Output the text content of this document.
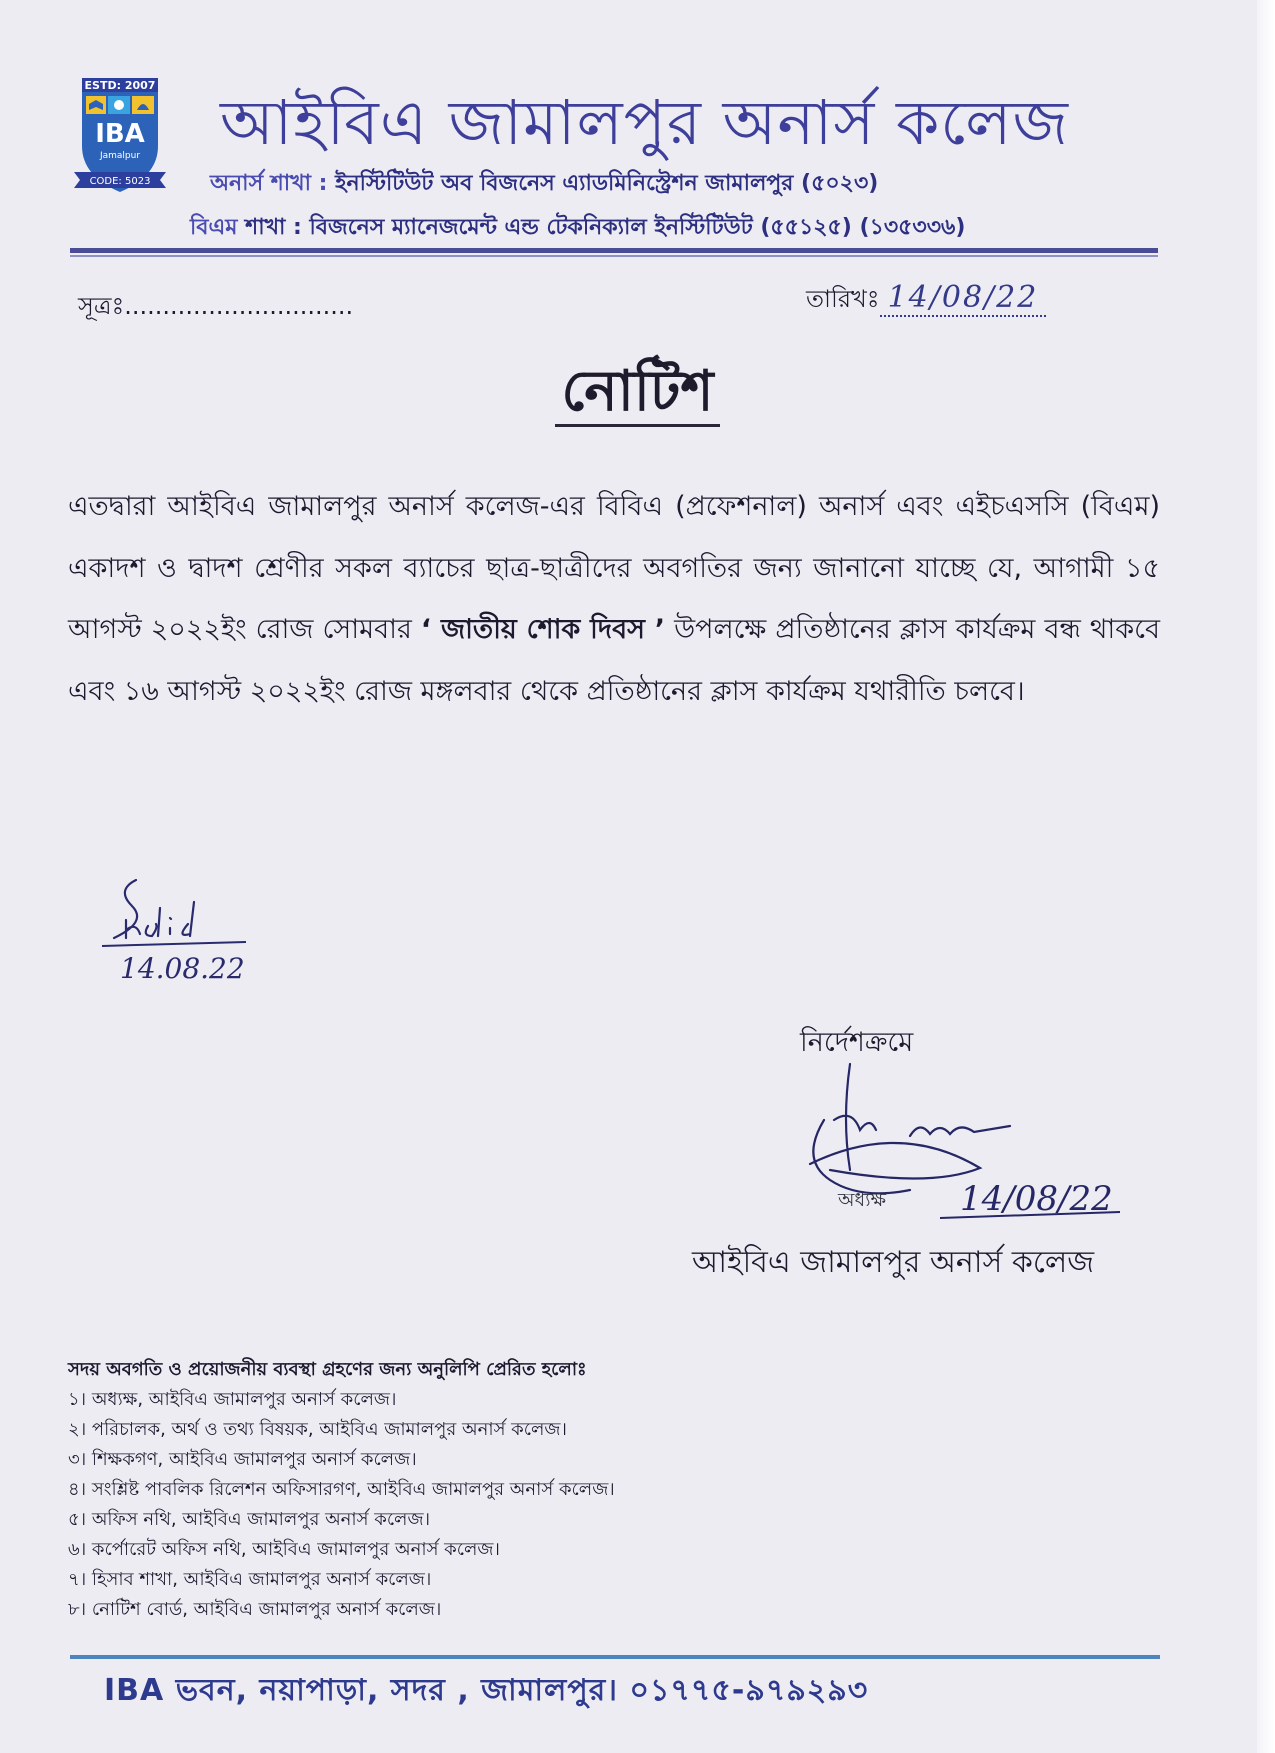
ESTD: 2007
IBA
Jamalpur
CODE: 5023
আইবিএ জামালপুর অনার্স কলেজ
অনার্স শাখা : ইনস্টিটিউট অব বিজনেস এ্যাডমিনিস্ট্রেশন জামালপুর (৫০২৩)
বিএম শাখা : বিজনেস ম্যানেজমেন্ট এন্ড টেকনিক্যাল ইনস্টিটিউট (৫৫১২৫) (১৩৫৩৩৬)
সূত্রঃ..............................	তারিখঃ 14/08/22
নোটিশ
এতদ্বারা আইবিএ জামালপুর অনার্স কলেজ-এর বিবিএ (প্রফেশনাল) অনার্স এবং এইচএসসি (বিএম) একাদশ ও দ্বাদশ শ্রেণীর সকল ব্যাচের ছাত্র-ছাত্রীদের অবগতির জন্য জানানো যাচ্ছে যে, আগামী ১৫ আগস্ট ২০২২ইং রোজ সোমবার ‘ জাতীয় শোক দিবস ’ উপলক্ষে প্রতিষ্ঠানের ক্লাস কার্যক্রম বন্ধ থাকবে এবং ১৬ আগস্ট ২০২২ইং রোজ মঙ্গলবার থেকে প্রতিষ্ঠানের ক্লাস কার্যক্রম যথারীতি চলবে।
14.08.22
Shahid
নির্দেশক্রমে
14/08/22
অধ্যক্ষ
আইবিএ জামালপুর অনার্স কলেজ
সদয় অবগতি ও প্রয়োজনীয় ব্যবস্থা গ্রহণের জন্য অনুলিপি প্রেরিত হলোঃ
১। অধ্যক্ষ, আইবিএ জামালপুর অনার্স কলেজ।
২। পরিচালক, অর্থ ও তথ্য বিষয়ক, আইবিএ জামালপুর অনার্স কলেজ।
৩। শিক্ষকগণ, আইবিএ জামালপুর অনার্স কলেজ।
৪। সংশ্লিষ্ট পাবলিক রিলেশন অফিসারগণ, আইবিএ জামালপুর অনার্স কলেজ।
৫। অফিস নথি, আইবিএ জামালপুর অনার্স কলেজ।
৬। কর্পোরেট অফিস নথি, আইবিএ জামালপুর অনার্স কলেজ।
৭। হিসাব শাখা, আইবিএ জামালপুর অনার্স কলেজ।
৮। নোটিশ বোর্ড, আইবিএ জামালপুর অনার্স কলেজ।
IBA ভবন, নয়াপাড়া, সদর , জামালপুর। ০১৭৭৫-৯৭৯২৯৩
